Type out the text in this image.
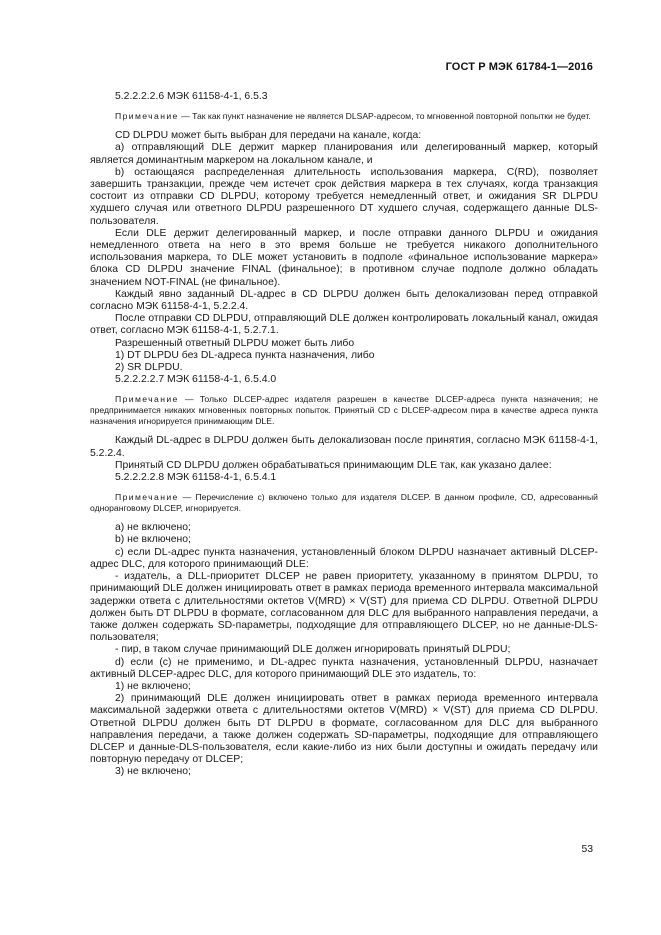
ГОСТ Р МЭК 61784-1—2016

5.2.2.2.2.6 МЭК 61158-4-1, 6.5.3

Примечание — Так как пункт назначение не является DLSAP-адресом, то мгновенной повторной попытки не будет.

CD DLPDU может быть выбран для передачи на канале, когда:

a) отправляющий DLE держит маркер планирования или делегированный маркер, который является доминантным маркером на локальном канале, и

b) остающаяся распределенная длительность использования маркера, C(RD), позволяет завершить транзакции, прежде чем истечет срок действия маркера в тех случаях, когда транзакция состоит из отправки CD DLPDU, которому требуется немедленный ответ, и ожидания SR DLPDU худшего случая или ответного DLPDU разрешенного DT худшего случая, содержащего данные DLS-пользователя.

Если DLE держит делегированный маркер, и после отправки данного DLPDU и ожидания немедленного ответа на него в это время больше не требуется никакого дополнительного использования маркера, то DLE может установить в подполе «финальное использование маркера» блока CD DLPDU значение FINAL (финальное); в противном случае подполе должно обладать значением NOT-FINAL (не финальное).

Каждый явно заданный DL-адрес в CD DLPDU должен быть делокализован перед отправкой согласно МЭК 61158-4-1, 5.2.2.4.

После отправки CD DLPDU, отправляющий DLE должен контролировать локальный канал, ожидая ответ, согласно МЭК 61158-4-1, 5.2.7.1.

Разрешенный ответный DLPDU может быть либо

1) DT DLPDU без DL-адреса пункта назначения, либо

2) SR DLPDU.

5.2.2.2.2.7 МЭК 61158-4-1, 6.5.4.0

Примечание — Только DLCEP-адрес издателя разрешен в качестве DLCEP-адреса пункта назначения; не предпринимается никаких мгновенных повторных попыток. Принятый CD с DLCEP-адресом пира в качестве адреса пункта назначения игнорируется принимающим DLE.

Каждый DL-адрес в DLPDU должен быть делокализован после принятия, согласно МЭК 61158-4-1, 5.2.2.4.

Принятый CD DLPDU должен обрабатываться принимающим DLE так, как указано далее:

5.2.2.2.2.8 МЭК 61158-4-1, 6.5.4.1

Примечание — Перечисление с) включено только для издателя DLCEP. В данном профиле, CD, адресованный одноранговому DLCEP, игнорируется.

a) не включено;

b) не включено;

c) если DL-адрес пункта назначения, установленный блоком DLPDU назначает активный DLCEP-адрес DLC, для которого принимающий DLE:

- издатель, а DLL-приоритет DLCEP не равен приоритету, указанному в принятом DLPDU, то принимающий DLE должен инициировать ответ в рамках периода временного интервала максимальной задержки ответа с длительностями октетов V(MRD) × V(ST) для приема CD DLPDU. Ответной DLPDU должен быть DT DLPDU в формате, согласованном для DLC для выбранного направления передачи, а также должен содержать SD-параметры, подходящие для отправляющего DLCEP, но не данные-DLS-пользователя;

- пир, в таком случае принимающий DLE должен игнорировать принятый DLPDU;

d) если (c) не применимо, и DL-адрес пункта назначения, установленный DLPDU, назначает активный DLCEP-адрес DLC, для которого принимающий DLE это издатель, то:

1) не включено;

2) принимающий DLE должен инициировать ответ в рамках периода временного интервала максимальной задержки ответа с длительностями октетов V(MRD) × V(ST) для приема CD DLPDU. Ответной DLPDU должен быть DT DLPDU в формате, согласованном для DLC для выбранного направления передачи, а также должен содержать SD-параметры, подходящие для отправляющего DLCEP и данные-DLS-пользователя, если какие-либо из них были доступны и ожидать передачу или повторную передачу от DLCEP;

3) не включено;

53
